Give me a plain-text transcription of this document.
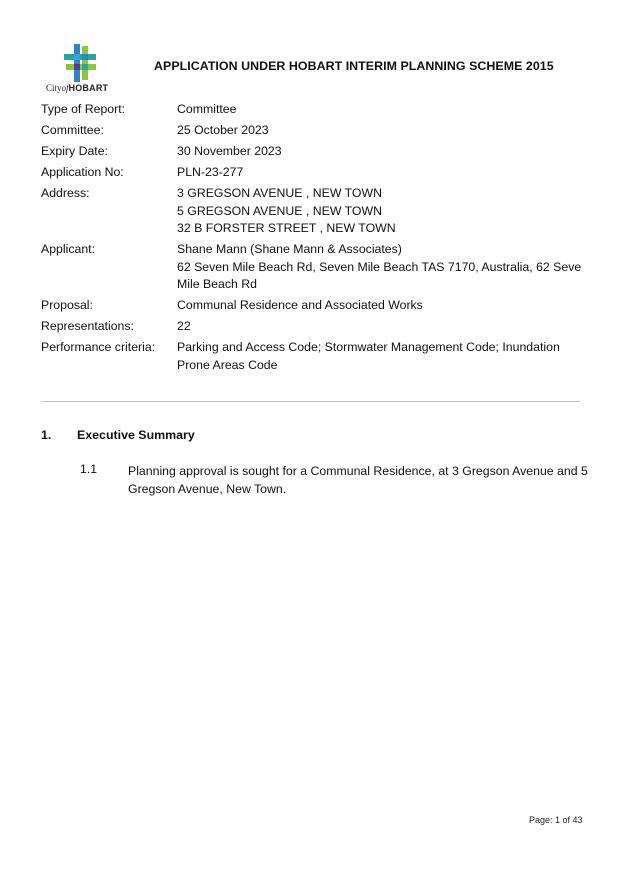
CityofHOBART
APPLICATION UNDER HOBART INTERIM PLANNING SCHEME 2015
Type of Report:	Committee
Committee:	25 October 2023
Expiry Date:	30 November 2023
Application No:	PLN-23-277
Address:	3 GREGSON AVENUE , NEW TOWN
5 GREGSON AVENUE , NEW TOWN
32 B FORSTER STREET , NEW TOWN
Applicant:	Shane Mann (Shane Mann & Associates)
62 Seven Mile Beach Rd, Seven Mile Beach TAS 7170, Australia, 62 Seve
Mile Beach Rd
Proposal:	Communal Residence and Associated Works
Representations:	22
Performance criteria:	Parking and Access Code; Stormwater Management Code; Inundation
Prone Areas Code
1. Executive Summary
1.1	Planning approval is sought for a Communal Residence, at 3 Gregson Avenue and 5 Gregson Avenue, New Town.
Page: 1 of 43
